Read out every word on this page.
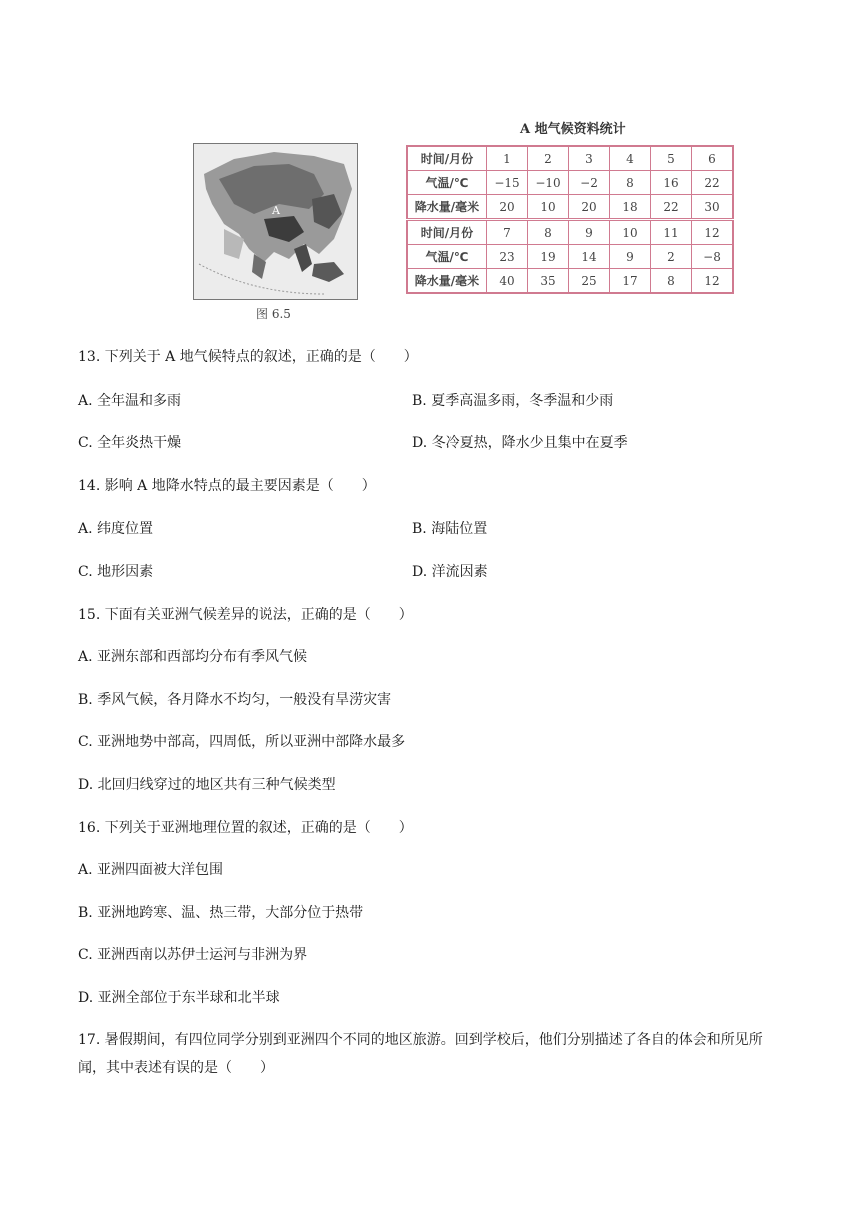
A
图 6.5
A 地气候资料统计
时间/月份	1	2	3	4	5	6
气温/℃	−15	−10	−2	8	16	22
降水量/毫米	20	10	20	18	22	30
时间/月份	7	8	9	10	11	12
气温/℃	23	19	14	9	2	−8
降水量/毫米	40	35	25	17	8	12
13. 下列关于 A 地气候特点的叙述，正确的是（　　）
A. 全年温和多雨	B. 夏季高温多雨，冬季温和少雨
C. 全年炎热干燥	D. 冬冷夏热，降水少且集中在夏季
14. 影响 A 地降水特点的最主要因素是（　　）
A. 纬度位置	B. 海陆位置
C. 地形因素	D. 洋流因素
15. 下面有关亚洲气候差异的说法，正确的是（　　）
A. 亚洲东部和西部均分布有季风气候
B. 季风气候，各月降水不均匀，一般没有旱涝灾害
C. 亚洲地势中部高，四周低，所以亚洲中部降水最多
D. 北回归线穿过的地区共有三种气候类型
16. 下列关于亚洲地理位置的叙述，正确的是（　　）
A. 亚洲四面被大洋包围
B. 亚洲地跨寒、温、热三带，大部分位于热带
C. 亚洲西南以苏伊士运河与非洲为界
D. 亚洲全部位于东半球和北半球
17. 暑假期间，有四位同学分别到亚洲四个不同的地区旅游。回到学校后，他们分别描述了各自的体会和所见所闻，其中表述有误的是（　　）
